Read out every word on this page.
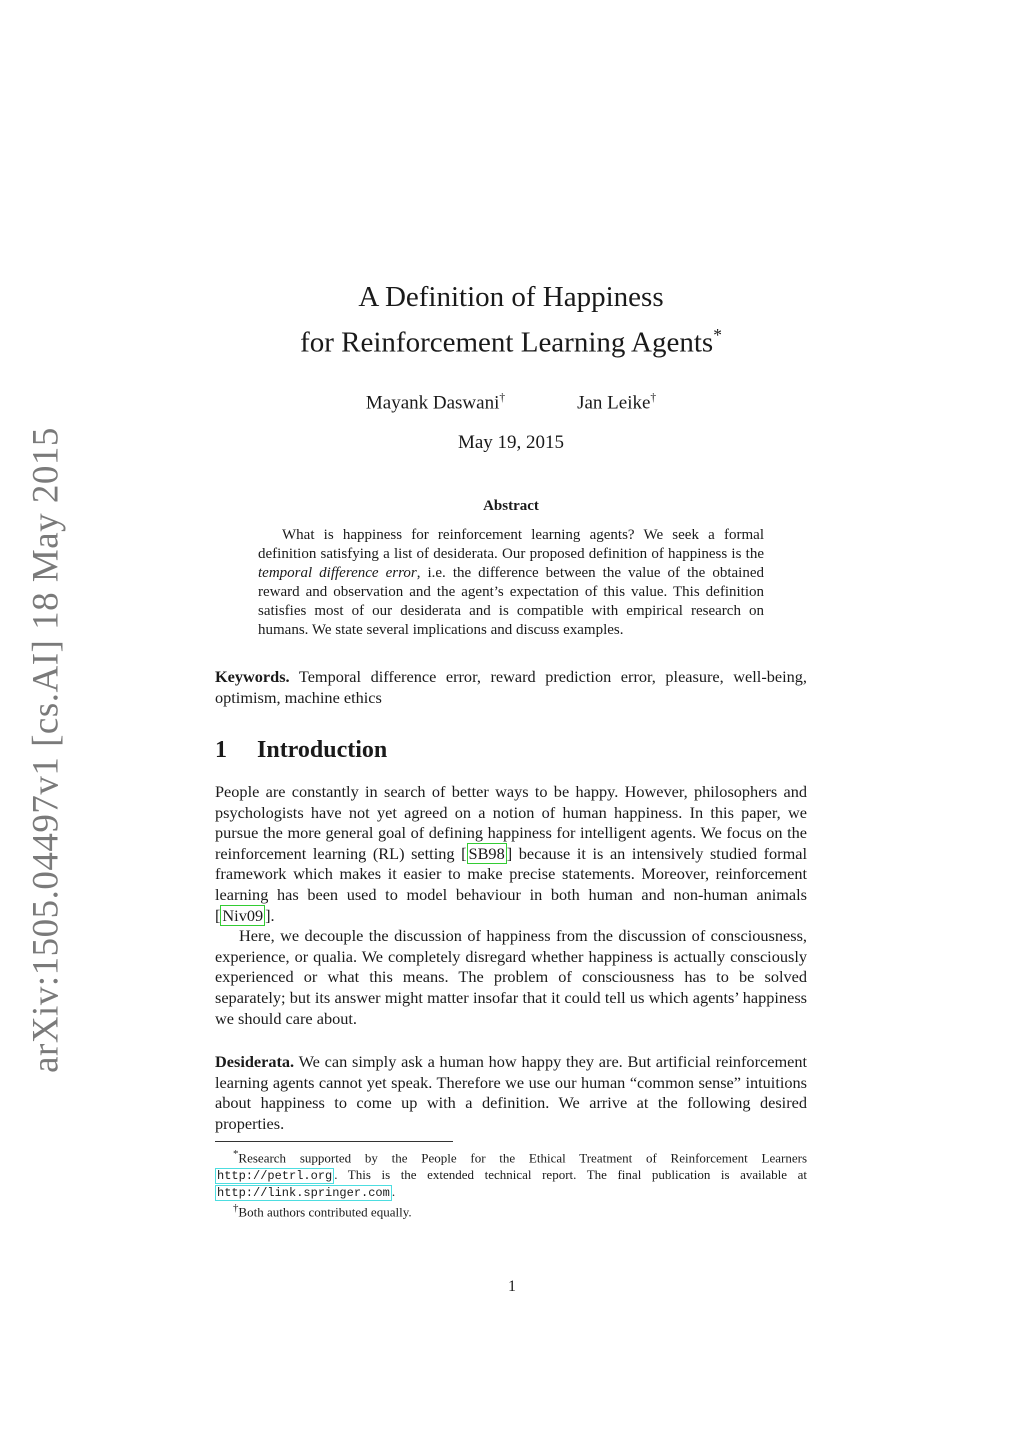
arXiv:1505.04497v1 [cs.AI] 18 May 2015
A Definition of Happiness
for Reinforcement Learning Agents*
Mayank Daswani†	Jan Leike†
May 19, 2015
Abstract

What is happiness for reinforcement learning agents? We seek a formal definition satisfying a list of desiderata. Our proposed definition of happiness is the temporal difference error, i.e. the difference between the value of the obtained reward and observation and the agent’s expectation of this value. This definition satisfies most of our desiderata and is compatible with empirical research on humans. We state several implications and discuss examples.

Keywords. Temporal difference error, reward prediction error, pleasure, well-being, optimism, machine ethics
1 Introduction

People are constantly in search of better ways to be happy. However, philosophers and psychologists have not yet agreed on a notion of human happiness. In this paper, we pursue the more general goal of defining happiness for intelligent agents. We focus on the reinforcement learning (RL) setting [ SB98 ] because it is an intensively studied formal framework which makes it easier to make precise statements. Moreover, reinforcement learning has been used to model behaviour in both human and non-human animals [ Niv09 ].

Here, we decouple the discussion of happiness from the discussion of consciousness, experience, or qualia. We completely disregard whether happiness is actually consciously experienced or what this means. The problem of consciousness has to be solved separately; but its answer might matter insofar that it could tell us which agents’ happiness we should care about.

Desiderata. We can simply ask a human how happy they are. But artificial reinforcement learning agents cannot yet speak. Therefore we use our human “common sense” intuitions about happiness to come up with a definition. We arrive at the following desired properties.

*Research supported by the People for the Ethical Treatment of Reinforcement Learners http://petrl.org . This is the extended technical report. The final publication is available at http://link.springer.com .

†Both authors contributed equally.

1
